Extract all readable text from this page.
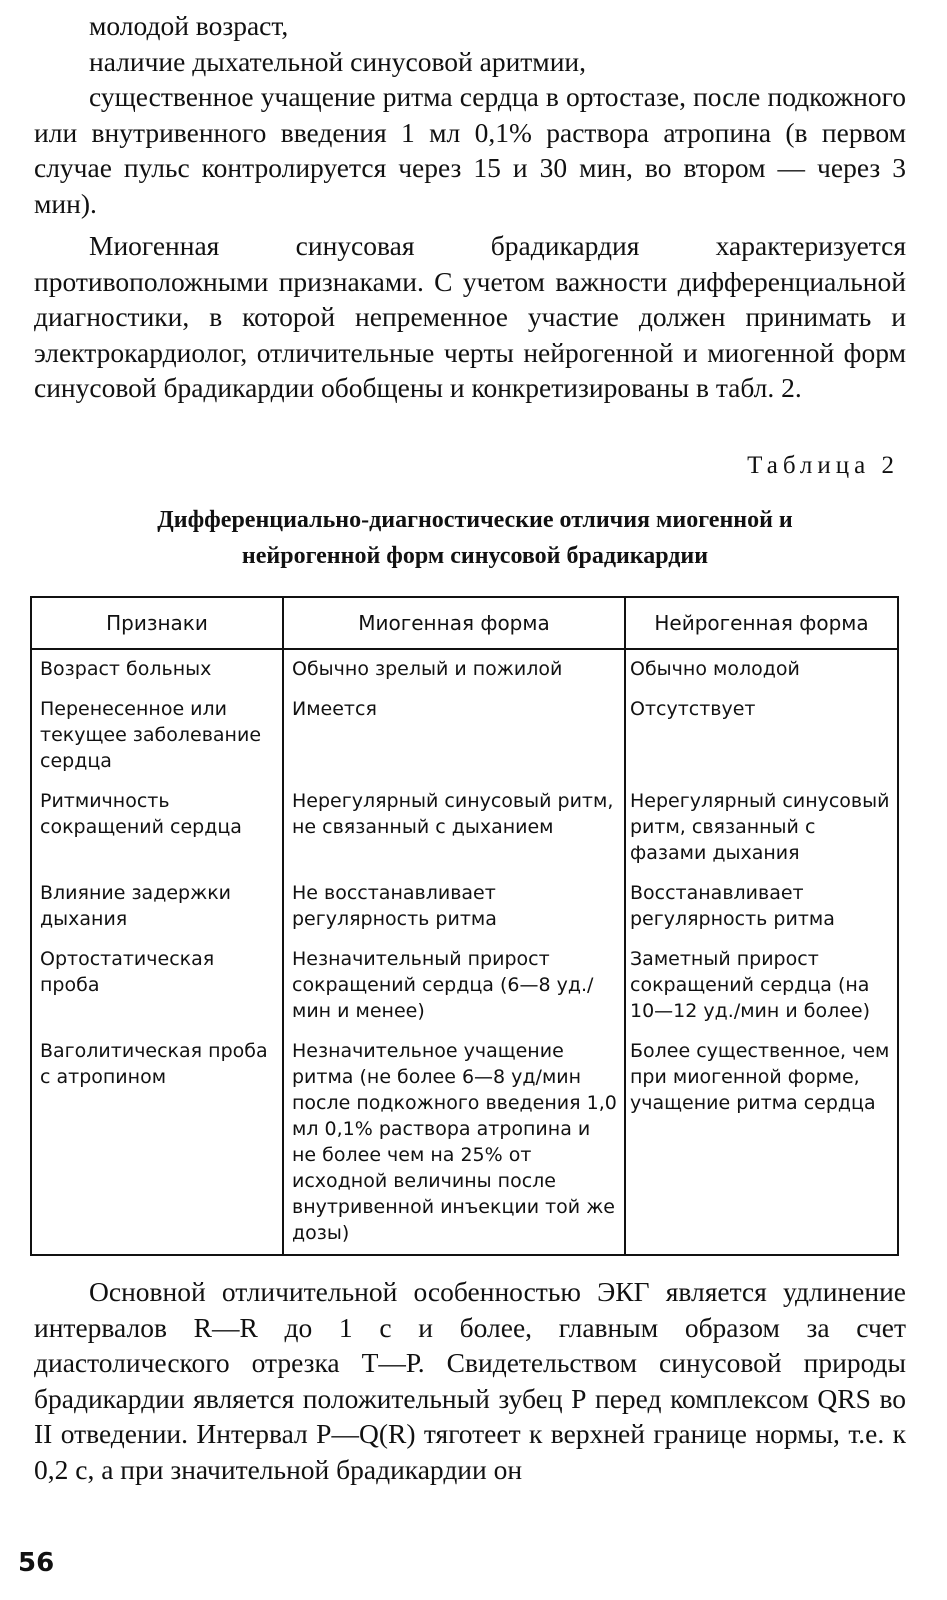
молодой возраст,

наличие дыхательной синусовой аритмии,

существенное учащение ритма сердца в ортостазе, после подкожного или внутривенного введения 1 мл 0,1% раствора атропина (в первом случае пульс контролируется через 15 и 30 мин, во втором — через 3 мин).

Миогенная синусовая брадикардия характеризуется противоположными признаками. С учетом важности дифференциальной диагностики, в которой непременное участие должен принимать и электрокардиолог, отличительные черты нейрогенной и миогенной форм синусовой брадикардии обобщены и конкретизированы в табл. 2.

Таблица 2
Дифференциально-диагностические отличия миогенной и
нейрогенной форм синусовой брадикардии
Признаки	Миогенная форма	Нейрогенная форма
Возраст больных	Обычно зрелый и пожилой	Обычно молодой
Перенесенное или текущее заболевание сердца	Имеется	Отсутствует
Ритмичность сокращений сердца	Нерегулярный синусовый ритм, не связанный с дыханием	Нерегулярный синусовый ритм, связанный с фазами дыхания
Влияние задержки дыхания	Не восстанавливает регулярность ритма	Восстанавливает регулярность ритма
Ортостатическая проба	Незначительный прирост сокращений сердца (6—8 уд./мин и менее)	Заметный прирост сокращений сердца (на 10—12 уд./мин и более)
Ваголитическая проба с атропином	Незначительное учащение ритма (не более 6—8 уд/мин после подкожного введения 1,0 мл 0,1% раствора атропина и не более чем на 25% от исходной величины после внутривенной инъекции той же дозы)	Более существенное, чем при миогенной форме, учащение ритма сердца

Основной отличительной особенностью ЭКГ является удлинение интервалов R—R до 1 с и более, главным образом за счет диастолического отрезка Т—Р. Свидетельством синусовой природы брадикардии является положительный зубец Р перед комплексом QRS во II отведении. Интервал P—Q(R) тяготеет к верхней границе нормы, т.е. к 0,2 с, а при значительной брадикардии он

56
